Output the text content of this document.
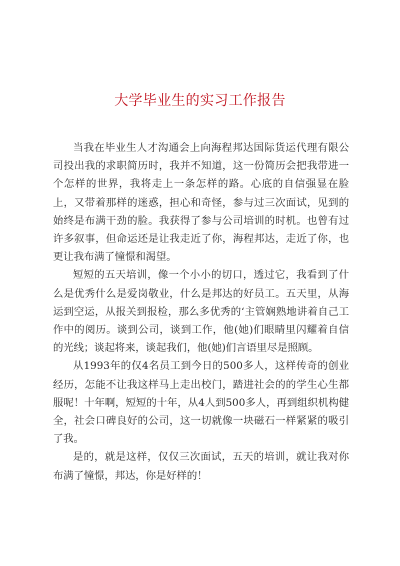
大学毕业生的实习工作报告

当我在毕业生人才沟通会上向海程邦达国际货运代理有限公司投出我的求职简历时，我并不知道，这一份简历会把我带进一个怎样的世界，我将走上一条怎样的路。心底的自信强显在脸上，又带着那样的迷惑，担心和奇怪，参与过三次面试，见到的始终是布满干劲的脸。我获得了参与公司培训的时机。也曾有过许多叙事，但命运还是让我走近了你，海程邦达，走近了你，也更让我布满了憧憬和渴望。

短短的五天培训，像一个小小的切口，透过它，我看到了什么是优秀什么是爱岗敬业，什么是邦达的好员工。五天里，从海运到空运，从报关到报检，那么多优秀的‘主管娴熟地讲着自己工作中的阅历。谈到公司，谈到工作，他(她)们眼睛里闪耀着自信的光线；谈起将来，谈起我们，他(她)们言语里尽是照顾。

从1993年的仅4名员工到今日的500多人，这样传奇的创业经历，怎能不让我这样马上走出校门，踏进社会的的学生心生都服呢！十年啊，短短的十年，从4人到500多人，再到组织机构健全，社会口碑良好的公司，这一切就像一块磁石一样紧紧的吸引了我。

是的，就是这样，仅仅三次面试，五天的培训，就让我对你布满了憧憬，邦达，你是好样的！
